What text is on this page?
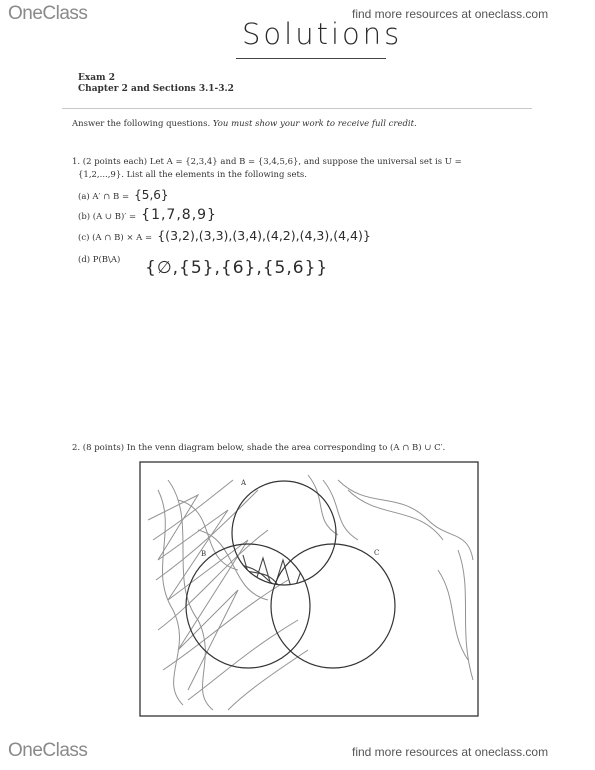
OneClass	find more resources at oneclass.com
Solutions
Exam 2
Chapter 2 and Sections 3.1-3.2
Answer the following questions. You must show your work to receive full credit.
1. (2 points each) Let A = {2,3,4} and B = {3,4,5,6}, and suppose the universal set is U =
{1,2,...,9}. List all the elements in the following sets.
(a) A′ ∩ B = {5,6}
(b) (A ∪ B)′ = {1,7,8,9}
(c) (A ∩ B) × A = {(3,2),(3,3),(3,4),(4,2),(4,3),(4,4)}
(d) P(B\A) {∅,{5},{6},{5,6}}
2. (8 points) In the venn diagram below, shade the area corresponding to (A ∩ B) ∪ C′.
A
B	C
OneClass	find more resources at oneclass.com
